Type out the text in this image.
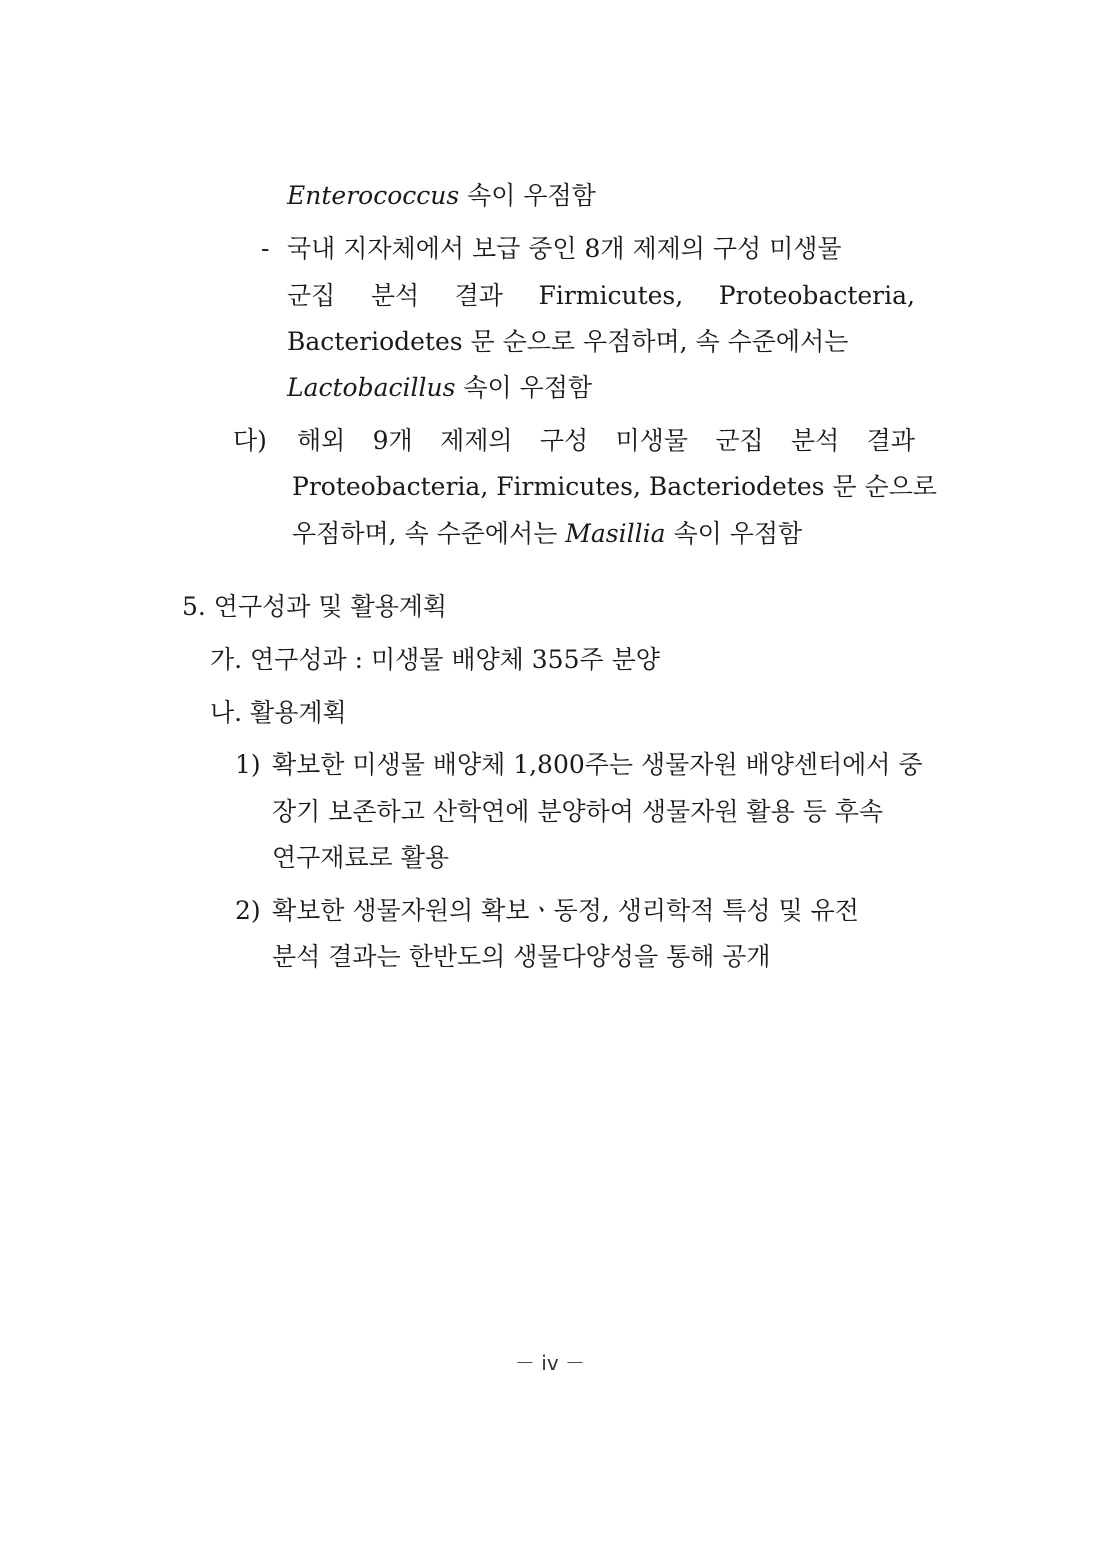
Enterococcus 속이 우점함
- 국내 지자체에서 보급 중인 8개 제제의 구성 미생물
군집 분석 결과 Firmicutes, Proteobacteria,
Bacteriodetes 문 순으로 우점하며, 속 수준에서는
Lactobacillus 속이 우점함
다) 해외 9개 제제의 구성 미생물 군집 분석 결과
Proteobacteria, Firmicutes, Bacteriodetes 문 순으로
우점하며, 속 수준에서는 Masillia 속이 우점함
5. 연구성과 및 활용계획
가. 연구성과 : 미생물 배양체 355주 분양
나. 활용계획
1) 확보한 미생물 배양체 1,800주는 생물자원 배양센터에서 중
장기 보존하고 산학연에 분양하여 생물자원 활용 등 후속
연구재료로 활용
2) 확보한 생물자원의 확보ㆍ동정, 생리학적 특성 및 유전
분석 결과는 한반도의 생물다양성을 통해 공개
－ iv －
